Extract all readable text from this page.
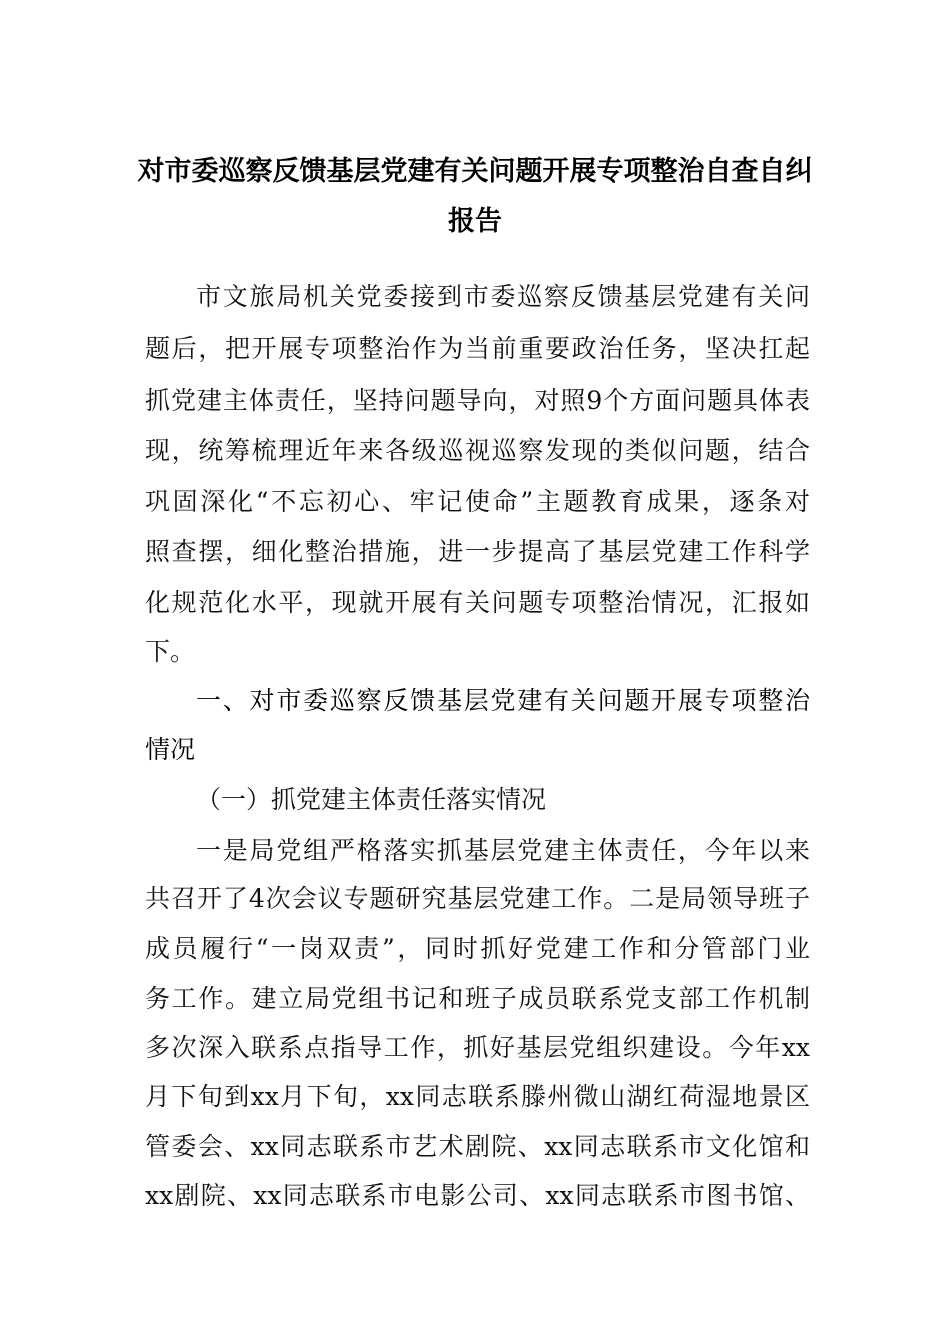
对市委巡察反馈基层党建有关问题开展专项整治自查自纠
报告
市文旅局机关党委接到市委巡察反馈基层党建有关问
题后，把开展专项整治作为当前重要政治任务，坚决扛起
抓党建主体责任，坚持问题导向，对照9个方面问题具体表
现，统筹梳理近年来各级巡视巡察发现的类似问题，结合
巩固深化“不忘初心、牢记使命”主题教育成果，逐条对
照查摆，细化整治措施，进一步提高了基层党建工作科学
化规范化水平，现就开展有关问题专项整治情况，汇报如
下。
一、对市委巡察反馈基层党建有关问题开展专项整治
情况
（一）抓党建主体责任落实情况
一是局党组严格落实抓基层党建主体责任，今年以来
共召开了4次会议专题研究基层党建工作。二是局领导班子
成员履行“一岗双责”，同时抓好党建工作和分管部门业
务工作。建立局党组书记和班子成员联系党支部工作机制
多次深入联系点指导工作，抓好基层党组织建设。今年xx
月下旬到xx月下旬，xx同志联系滕州微山湖红荷湿地景区
管委会、xx同志联系市艺术剧院、xx同志联系市文化馆和
xx剧院、xx同志联系市电影公司、xx同志联系市图书馆、
